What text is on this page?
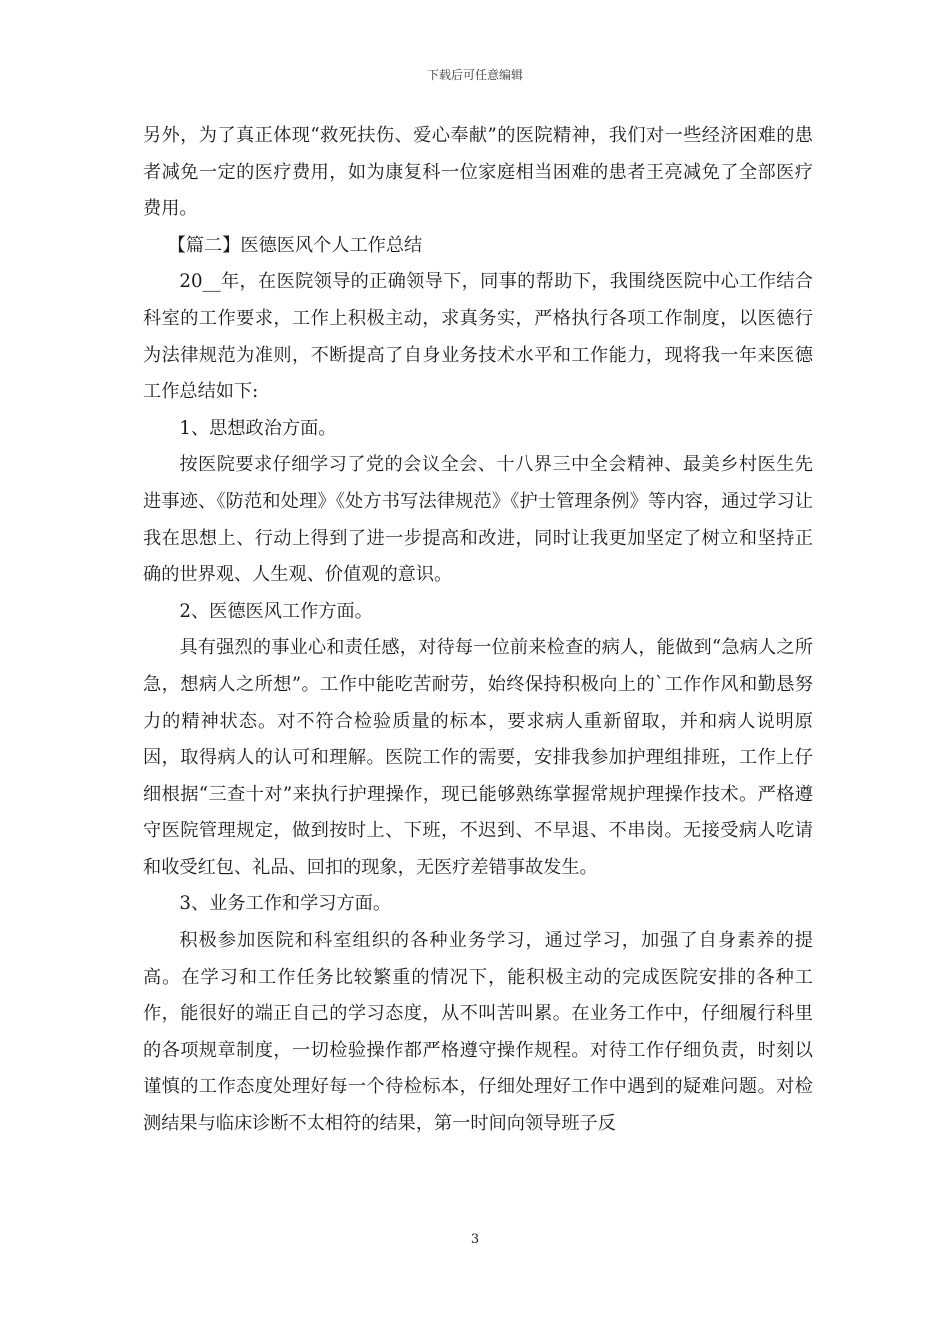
下载后可任意编辑

另外，为了真正体现“救死扶伤、爱心奉献”的医院精神，我们对一些经济困难的患者减免一定的医疗费用，如为康复科一位家庭相当困难的患者王亮减免了全部医疗费用。

【篇二】医德医风个人工作总结

20__年，在医院领导的正确领导下，同事的帮助下，我围绕医院中心工作结合科室的工作要求，工作上积极主动，求真务实，严格执行各项工作制度，以医德行为法律规范为准则，不断提高了自身业务技术水平和工作能力，现将我一年来医德工作总结如下:

1、思想政治方面。

按医院要求仔细学习了党的会议全会、十八界三中全会精神、最美乡村医生先进事迹、《防范和处理》《处方书写法律规范》《护士管理条例》等内容，通过学习让我在思想上、行动上得到了进一步提高和改进，同时让我更加坚定了树立和坚持正确的世界观、人生观、价值观的意识。

2、医德医风工作方面。

具有强烈的事业心和责任感，对待每一位前来检查的病人，能做到“急病人之所急，想病人之所想”。工作中能吃苦耐劳，始终保持积极向上的`工作作风和勤恳努力的精神状态。对不符合检验质量的标本，要求病人重新留取，并和病人说明原因，取得病人的认可和理解。医院工作的需要，安排我参加护理组排班，工作上仔细根据“三查十对”来执行护理操作，现已能够熟练掌握常规护理操作技术。严格遵守医院管理规定，做到按时上、下班，不迟到、不早退、不串岗。无接受病人吃请和收受红包、礼品、回扣的现象，无医疗差错事故发生。

3、业务工作和学习方面。

积极参加医院和科室组织的各种业务学习，通过学习，加强了自身素养的提高。在学习和工作任务比较繁重的情况下，能积极主动的完成医院安排的各种工作，能很好的端正自己的学习态度，从不叫苦叫累。在业务工作中，仔细履行科里的各项规章制度，一切检验操作都严格遵守操作规程。对待工作仔细负责，时刻以谨慎的工作态度处理好每一个待检标本，仔细处理好工作中遇到的疑难问题。对检测结果与临床诊断不太相符的结果，第一时间向领导班子反

3
